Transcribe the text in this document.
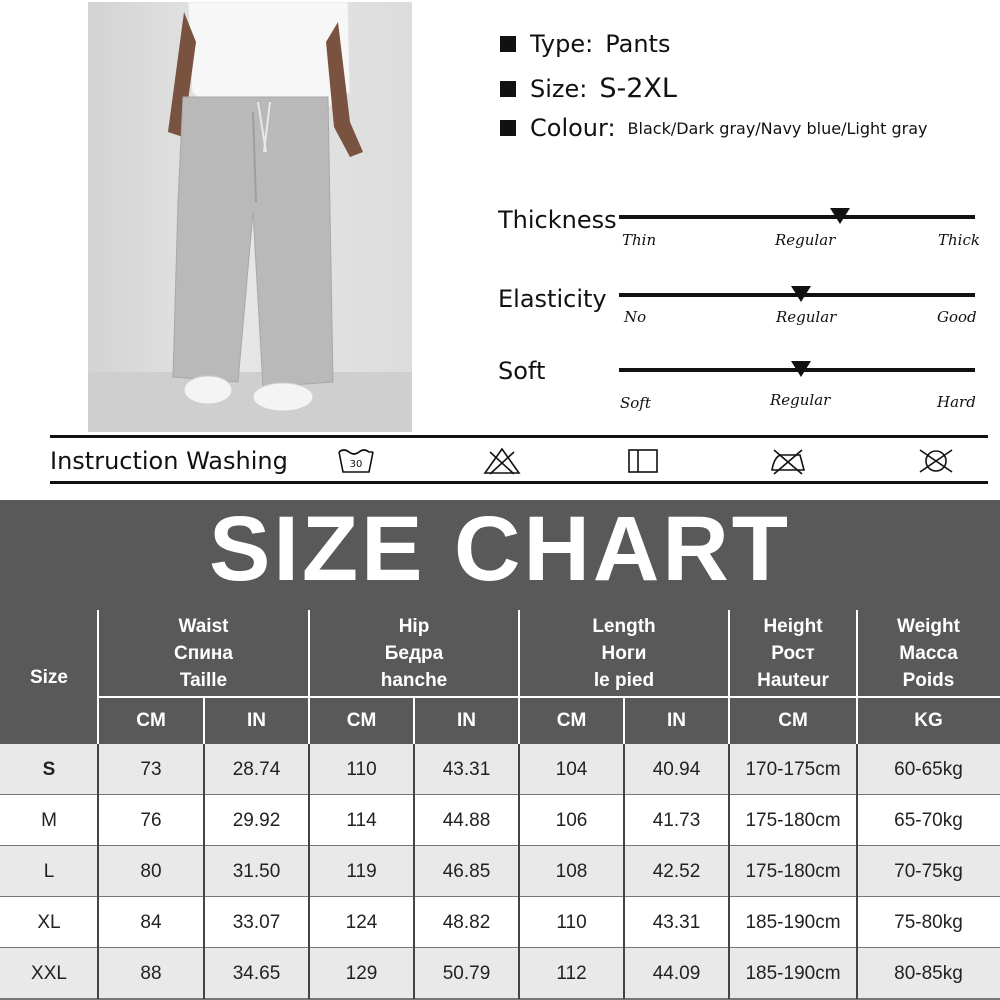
Type: Pants
Size: S-2XL
Colour: Black/Dark gray/Navy blue/Light gray
Thickness
Thin	Regular	Thick
Elasticity
No	Regular	Good
Soft
Soft	Regular	Hard
Instruction Washing	30
SIZE CHART
Size
Waist
Спина
Taille
CM	IN
Hip
Бедра
hanche
CM	IN
Length
Ноги
le pied
CM	IN
Height
Рост
Hauteur
CM
Weight
Масса
Poids
KG
S	73	28.74	110	43.31	104	40.94	170-175cm	60-65kg
M	76	29.92	114	44.88	106	41.73	175-180cm	65-70kg
L	80	31.50	119	46.85	108	42.52	175-180cm	70-75kg
XL	84	33.07	124	48.82	110	43.31	185-190cm	75-80kg
XXL	88	34.65	129	50.79	112	44.09	185-190cm	80-85kg
